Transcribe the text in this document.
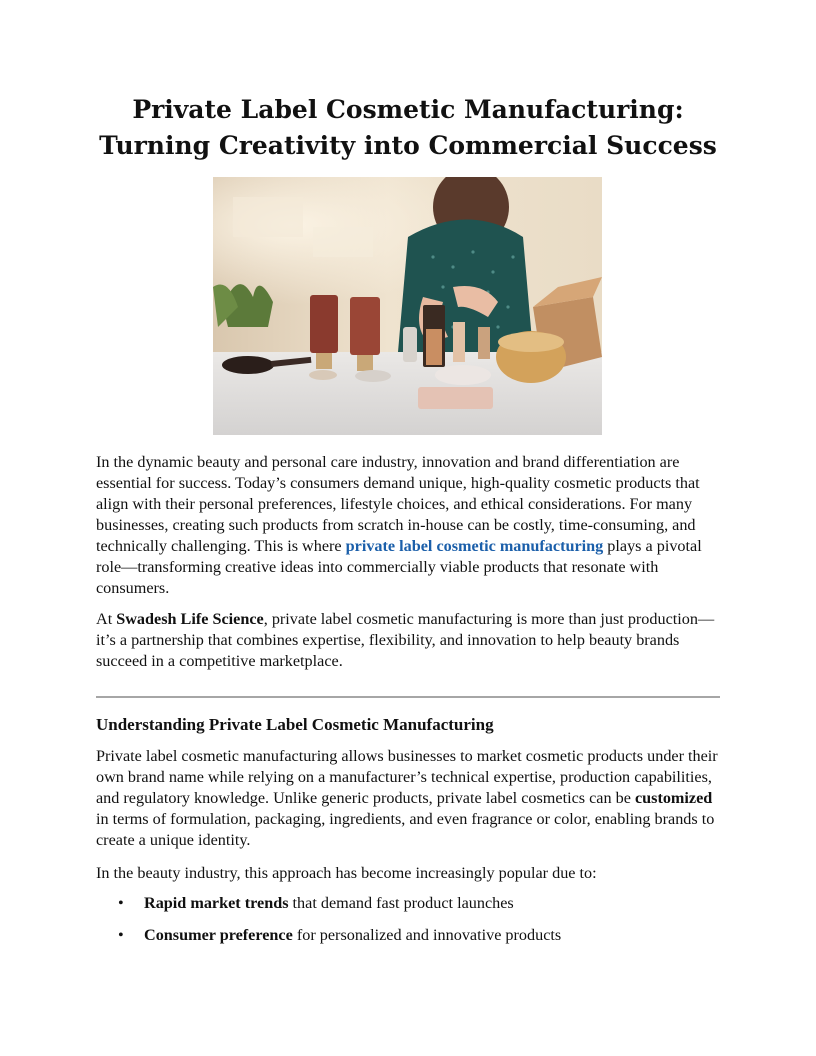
Private Label Cosmetic Manufacturing:
Turning Creativity into Commercial Success

In the dynamic beauty and personal care industry, innovation and brand differentiation are essential for success. Today’s consumers demand unique, high-quality cosmetic products that align with their personal preferences, lifestyle choices, and ethical considerations. For many businesses, creating such products from scratch in-house can be costly, time-consuming, and technically challenging. This is where private label cosmetic manufacturing plays a pivotal role—transforming creative ideas into commercially viable products that resonate with consumers.

At Swadesh Life Science, private label cosmetic manufacturing is more than just production—it’s a partnership that combines expertise, flexibility, and innovation to help beauty brands succeed in a competitive marketplace.

Understanding Private Label Cosmetic Manufacturing

Private label cosmetic manufacturing allows businesses to market cosmetic products under their own brand name while relying on a manufacturer’s technical expertise, production capabilities, and regulatory knowledge. Unlike generic products, private label cosmetics can be customized in terms of formulation, packaging, ingredients, and even fragrance or color, enabling brands to create a unique identity.

In the beauty industry, this approach has become increasingly popular due to:

• Rapid market trends that demand fast product launches
• Consumer preference for personalized and innovative products
